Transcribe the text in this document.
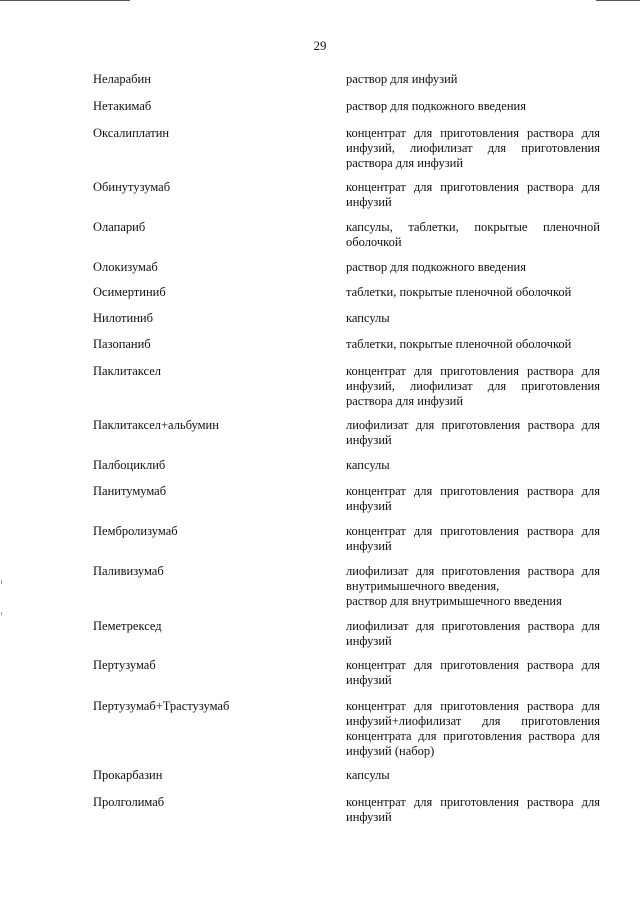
29
Неларабин	раствор для инфузий
Нетакимаб	раствор для подкожного введения
Оксалиплатин	концентрат для приготовления раствора для инфузий, лиофилизат для приготовления раствора для инфузий
Обинутузумаб	концентрат для приготовления раствора для инфузий
Олапариб	капсулы, таблетки, покрытые пленочной оболочкой
Олокизумаб	раствор для подкожного введения
Осимертиниб	таблетки, покрытые пленочной оболочкой
Нилотиниб	капсулы
Пазопаниб	таблетки, покрытые пленочной оболочкой
Паклитаксел	концентрат для приготовления раствора для инфузий, лиофилизат для приготовления раствора для инфузий
Паклитаксел+альбумин	лиофилизат для приготовления раствора для инфузий
Палбоциклиб	капсулы
Панитумумаб	концентрат для приготовления раствора для инфузий
Пембролизумаб	концентрат для приготовления раствора для инфузий
Паливизумаб	лиофилизат для приготовления раствора для внутримышечного введения,
раствор для внутримышечного введения
Пеметрексед	лиофилизат для приготовления раствора для инфузий
Пертузумаб	концентрат для приготовления раствора для инфузий
Пертузумаб+Трастузумаб	концентрат для приготовления раствора для инфузий+лиофилизат для приготовления концентрата для приготовления раствора для инфузий (набор)
Прокарбазин	капсулы
Пролголимаб	концентрат для приготовления раствора для инфузий
